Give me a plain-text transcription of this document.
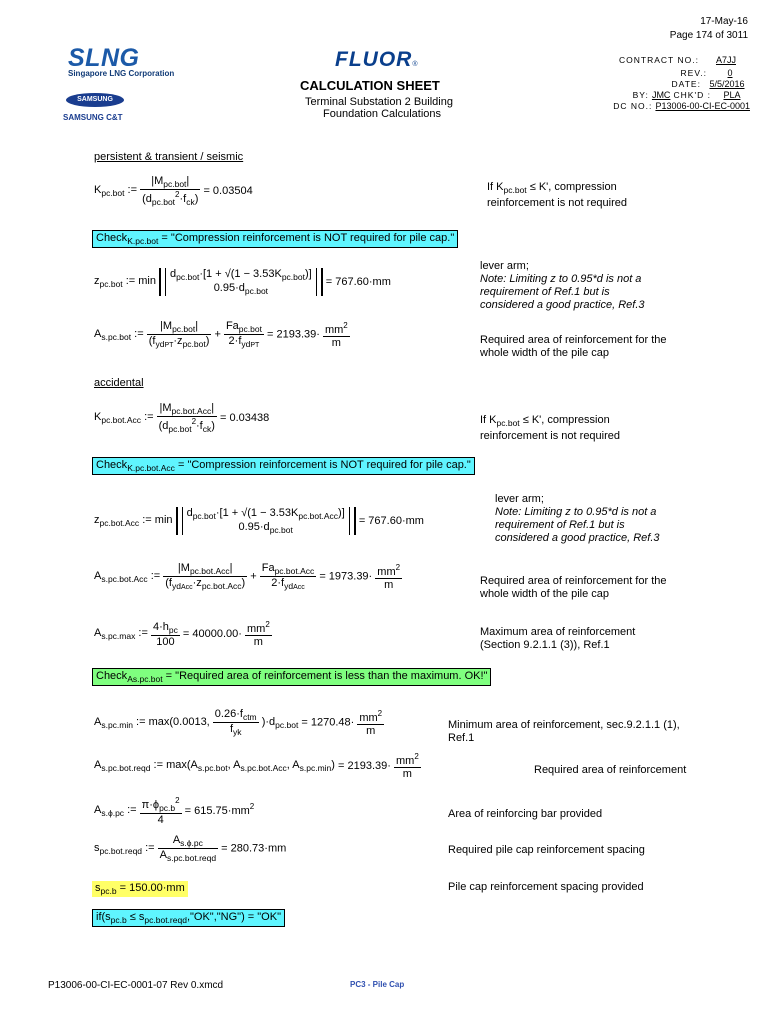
17-May-16
Page 174 of 3011
SLNG
Singapore LNG Corporation
SAMSUNG
SAMSUNG C&T
FLUOR®
CALCULATION SHEET
Terminal Substation 2 Building
Foundation Calculations
CONTRACT NO.: A7JJ
REV.: 0
DATE: 5/5/2016
BY: JMC CHK'D : PLA
DC NO.: P13006-00-CI-EC-0001
persistent & transient / seismic
$K_{pc.bot}$ := $\frac{|M_{pc.bot}|}{(d_{pc.bot}^2\cdot f_{ck})} = 0.03504$	If $K_{pc.bot} \le K'$, compression
reinforcement is not required
Check$_{K.pc.bot}$ = "Compression reinforcement is NOT required for pile cap."
$z_{pc.bot}$ := min
$d_{pc.bot}\cdot[1 + √(1 - 3.53K_{pc.bot})]$
$0.95\cdot d_{pc.bot}$
= 767.60·mm
lever arm;
Note: Limiting z to 0.95*d is not a
requirement of Ref.1 but is
considered a good practice, Ref.3
$A_{s.pc.bot}$ := $\frac{|M_{pc.bot}|}{(f_{ydPT}\cdot z_{pc.bot})} + \frac{Fa_{pc.bot}}{2\cdot f_{ydPT}} = 2193.39\cdot \frac{mm^2}{m}$	Required area of reinforcement for the
whole width of the pile cap
accidental
$K_{pc.bot.Acc}$ := $\frac{|M_{pc.bot.Acc}|}{(d_{pc.bot}^2\cdot f_{ck})} = 0.03438$	If $K_{pc.bot} \le K'$, compression
reinforcement is not required
Check$_{K.pc.bot.Acc}$ = "Compression reinforcement is NOT required for pile cap."
$z_{pc.bot.Acc}$ := min
$d_{pc.bot}\cdot[1 + √(1 - 3.53K_{pc.bot.Acc})]$
$0.95\cdot d_{pc.bot}$
= 767.60·mm
lever arm;
Note: Limiting z to 0.95*d is not a
requirement of Ref.1 but is
considered a good practice, Ref.3
$A_{s.pc.bot.Acc}$ := $\frac{|M_{pc.bot.Acc}|}{(f_{ydAcc}\cdot z_{pc.bot.Acc})} + \frac{Fa_{pc.bot.Acc}}{2\cdot f_{ydAcc}} = 1973.39\cdot \frac{mm^2}{m}$	Required area of reinforcement for the
whole width of the pile cap
$A_{s.pc.max}$ := $\frac{4\cdot h_{pc}}{100} = 40000.00\cdot \frac{mm^2}{m}$	Maximum area of reinforcement
(Section 9.2.1.1 (3)), Ref.1
Check$_{As.pc.bot}$ = "Required area of reinforcement is less than the maximum. OK!"
$A_{s.pc.min}$ := max(0.0013, $\frac{0.26\cdot f_{ctm}}{f_{yk}} )\cdot d_{pc.bot} = 1270.48\cdot \frac{mm^2}{m}$	Minimum area of reinforcement, sec.9.2.1.1 (1),
Ref.1
$A_{s.pc.bot.reqd}$ := $\max(A_{s.pc.bot}$, $A_{s.pc.bot.Acc}$, $A_{s.pc.min}) = 2193.39\cdot \frac{mm^2}{m}$	Required area of reinforcement
$A_{s.\phi.pc}$ := $\frac{\pi\cdot\phi_{pc.b}^2}{4} = 615.75\cdot mm^2$
Area of reinforcing bar provided
$s_{pc.bot.reqd}$ := $\frac{A_{s.\phi.pc}}{A_{s.pc.bot.reqd}} = 280.73\cdot mm$	Required pile cap reinforcement spacing
$s_{pc.b} = 150.00\cdot mm$	Pile cap reinforcement spacing provided
$if(s_{pc.b}$ ≤ $s_{pc.bot.reqd},"OK","NG$") = "OK"
P13006-00-CI-EC-0001-07 Rev 0.xmcd	PC3 - Pile Cap
